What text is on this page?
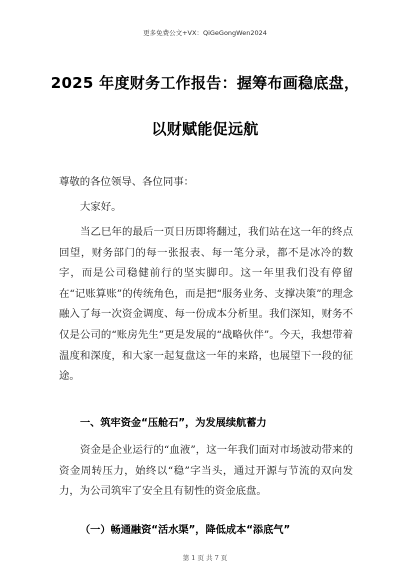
更多免费公文+VX：QiGeGongWen2024
2025 年度财务工作报告：握筹布画稳底盘，
以财赋能促远航
尊敬的各位领导、各位同事：
大家好。
当乙巳年的最后一页日历即将翻过，我们站在这一年的终点回望，财务部门的每一张报表、每一笔分录，都不是冰冷的数字，而是公司稳健前行的坚实脚印。这一年里我们没有停留在“记账算账”的传统角色，而是把“服务业务、支撑决策”的理念融入了每一次资金调度、每一份成本分析里。我们深知，财务不仅是公司的“账房先生”更是发展的“战略伙伴”。今天，我想带着温度和深度，和大家一起复盘这一年的来路，也展望下一段的征途。
一、筑牢资金“压舱石”，为发展续航蓄力
资金是企业运行的“血液”，这一年我们面对市场波动带来的资金周转压力，始终以“稳”字当头，通过开源与节流的双向发力，为公司筑牢了安全且有韧性的资金底盘。
（一）畅通融资“活水渠”，降低成本“添底气”
第 1 页 共 7 页
